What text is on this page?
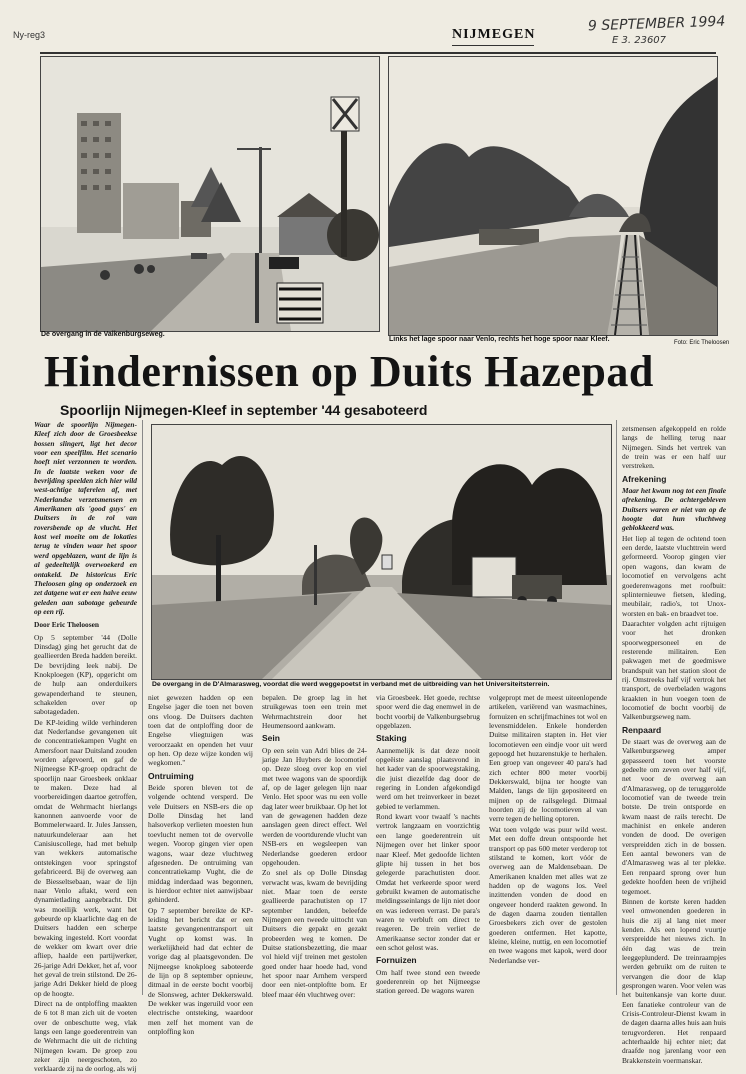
Ny-reg3	NIJMEGEN
9 SEPTEMBER 1994
E 3. 23607
De overgang in de Valkenburgseweg.
Links het lage spoor naar Venlo, rechts het hoge spoor naar Kleef.	Foto: Eric Theloosen
Hindernissen op Duits Hazepad
Spoorlijn Nijmegen-Kleef in september '44 gesaboteerd
De overgang in de D'Almarasweg, voordat die werd weggepoetst in verband met de uitbreiding van het Universiteitsterrein.

Waar de spoorlijn Nijmegen-Kleef zich door de Groesbeekse bossen slingert, ligt het decor voor een speelfilm. Het scenario hoeft niet verzonnen te worden. In de laatste weken voor de bevrijding speelden zich hier wild west-achtige taferelen af, met Nederlandse verzetsmensen en Amerikanen als 'good guys' en Duitsers in de rol van roversbende op de vlucht. Het kost wel moeite om de lokaties terug te vinden waar het spoor werd opgeblazen, want de lijn is al gedeeltelijk overwoekerd en ontakeld. De historicus Eric Theloosen ging op onderzoek en zet datgene wat er een halve eeuw geleden aan sabotage gebeurde op een rij.

Door Eric Theloosen

Op 5 september '44 (Dolle Dinsdag) ging het gerucht dat de geallieerden Breda hadden bereikt. De bevrijding leek nabij. De Knokploegen (KP), opgericht om de hulp aan onderduikers gewapenderhand te steunen, schakelden over op sabotagedaden.

De KP-leiding wilde verhinderen dat Nederlandse gevangenen uit de concentratiekampen Vught en Amersfoort naar Duitsland zouden worden afgevoerd, en gaf de Nijmeegse KP-groep opdracht de spoorlijn naar Groesbeek onklaar te maken. Deze had al voorbereidingen daartoe getroffen, omdat de Wehrmacht hierlangs kanonnen aanvoerde voor de Bommelerwaard. Ir. Jules Janssen, natuurkundeleraar aan het Canisiuscollege, had met behulp van wekkers automatische ontstekingen voor springstof gefabriceerd. Bij de overweg aan de Biesseltsebaan, waar de lijn naar Venlo aftakt, werd een dynamietlading aangebracht. Dit was moeilijk werk, want het gebeurde op klaarlichte dag en de Duitsers hadden een scherpe bewaking ingesteld. Kort voordat de wekker om kwart over drie afliep, haalde een partijwerker, 26-jarige Adri Dekker, het af, voor het geval de trein stilstond. De 26-jarige Adri Dekker hield de ploeg op de hoogte.

Direct na de ontploffing maakten de 6 tot 8 man zich uit de voeten over de onbeschutte weg, vlak langs een lange goederentrein van de Wehrmacht die uit de richting Nijmegen kwam. De groep zou zeker zijn neergeschoten, zo verklaarde zij na de oorlog, als wij

niet gewezen hadden op een Engelse jager die toen net boven ons vloog. De Duitsers dachten toen dat de ontploffing door de Engelse vliegtuigen was veroorzaakt en openden het vuur op hen. Op deze wijze konden wij wegkomen."

Ontruiming

Beide sporen bleven tot de volgende ochtend versperd. De vele Duitsers en NSB-ers die op Dolle Dinsdag het land halsoverkop verlieten moesten hun toevlucht nemen tot de overvolle wegen. Voorop gingen vier open wagons, waar deze vluchtweg afgesneden. De ontruiming van concentratiekamp Vught, die de middag inderdaad was begonnen, is hierdoor echter niet aanwijsbaar gehinderd.

Op 7 september bereikte de KP-leiding het bericht dat er een laatste gevangenentransport uit Vught op komst was. In werkelijkheid had dat echter de vorige dag al plaatsgevonden. De Nijmeegse knokploeg saboteerde de lijn op 8 september opnieuw, ditmaal in de eerste bocht voorbij de Slonsweg, achter Dekkerswald. De wekker was ingeruild voor een electrische ontsteking, waardoor men zelf het moment van de ontploffing kon

bepalen. De groep lag in het struikgewas toen een trein met Wehrmachtstrein door het Heumensoord aankwam.

Sein

Op een sein van Adri blies de 24-jarige Jan Huybers de locomotief op. Deze sloeg over kop en viel met twee wagons van de spoordijk af, op de lager gelegen lijn naar Venlo. Het spoor was nu een volle dag later weer bruikbaar. Op het lot van de gewagenen hadden deze aanslagen geen direct effect. Wel werden de voortdurende vlucht van NSB-ers en wegsleepen van Nederlandse goederen erdoor opgehouden.

Zo snel als op Dolle Dinsdag verwacht was, kwam de bevrijding niet. Maar toen de eerste geallieerde parachutisten op 17 september landden, beleefde Nijmegen een tweede uittocht van Duitsers die gepakt en gezakt probeerden weg te komen. De Duitse stationsbezetting, die maar vol hield vijf treinen met gestolen goed onder haar hoede had, vond het spoor naar Arnhem versperd door een niet-ontploftte bom. Er bleef maar één vluchtweg over:

via Groesbeek. Het goede, rechtse spoor werd die dag enemwel in de bocht voorbij de Valkenburgsebrug opgeblazen.

Staking

Aannemelijk is dat deze nooit opgeëiste aanslag plaatsvond in het kader van de spoorwegstaking, die juist diezelfde dag door de regering in Londen afgekondigd werd om het treinverkeer in bezet gebied te verlammen.

Rond kwart voor twaalf 's nachts vertrok langzaam en voorzichtig een lange goederentrein uit Nijmegen over het linker spoor naar Kleef. Met gedoofde lichten glipte hij tussen in het bos gelegerde parachutisten door. Omdat het verkeerde spoor werd gebruikt kwamen de automatische meldingsseinlangs de lijn niet door en was iedereen verrast. De para's waren te verbluft om direct te reageren. De trein verliet de Amerikaanse sector zonder dat er een schot gelost was.

Fornuizen

Om half twee stond een tweede goederenrein op het Nijmeegse station gereed. De wagons waren

volgepropt met de meest uiteenlopende artikelen, variërend van wasmachines, fornuizen en schrijfmachines tot wol en levensmiddelen. Enkele honderden Duitse militairen stapten in. Het vier locomotieven een eindje voor uit werd gepoogd het huzarenstukje te herhalen. Een groep van ongeveer 40 para's had zich echter 800 meter voorbij Dekkerswald, bijna ter hoogte van Malden, langs de lijn gepositeerd en mijnen op de railsgelegd. Ditmaal hoorden zij de locomotieven al van verre tegen de helling optoren.

Wat toen volgde was puur wild west. Met een doffe dreun ontspoorde het transport op pas 600 meter verderop tot stilstand te komen, kort vóór de overweg aan de Maldensebaan. De Amerikanen knalden met alles wat ze hadden op de wagons los. Veel inzittenden vonden de dood en ongeveer honderd raakten gewond. In de dagen daarna zouden tientallen Groesbekers zich over de gestolen goederen ontfermen. Het kapotte, kleine, kleine, nuttig, en een locomotief en twee wagons met kapok, werd door Nederlandse ver-

zetsmensen afgekoppeld en rolde langs de helling terug naar Nijmegen. Sinds het vertrek van de trein was er een half uur verstreken.

Afrekening

Maar het kwam nog tot een finale afrekening. De achtergebleven Duitsers waren er niet van op de hoogte dat hun vluchtweg geblokkeerd was.

Het liep al tegen de ochtend toen een derde, laatste vluchttrein werd geformeerd. Voorop gingen vier open wagons, dan kwam de locomotief en vervolgens acht goederenwagons met roofbuit: splinternieuwe fietsen, kleding, meubilair, radio's, tot Unox-worsten en bak- en braadvet toe.

Daarachter volgden acht rijtuigen voor het dronken spoorwegpersoneel en de resterende militairen. Een pakwagen met de goedmiswe brandspuit van het station sloot de rij. Omstreeks half vijf vertrok het transport, de overbeladen wagons kraakten in hun voegen toen de locomotief de bocht voorbij de Valkenburgseweg nam.

Renpaard

De staart was de overweg aan de Valkenburgseweg amper gepasseerd toen het voorste gedeelte om zeven over half vijf, net voor de overweg aan d'Almarasweg, op de teruggerolde locomotief van de tweede trein botste. De trein ontsporde en kwam naast de rails terecht. De machinist en enkele anderen vonden de dood. De overigen verspreidden zich in de bossen. Een aantal bewoners van de d'Almarasweg was al ter plekke. Een renpaard sprong over hun gedekte hoofden heen de vrijheid tegemoet.

Binnen de kortste keren hadden veel omwonenden goederen in huis die zij al lang niet meer kenden. Als een lopend vuurtje verspreidde het nieuws zich. In één dag was de trein leeggeplunderd. De treinraampjes werden gebruikt om de ruiten te vervangen die door de klap gesprongen waren. Voor velen was het buitenkansje van korte duur. Een fanatieke controleur van de Crisis-Controleur-Dienst kwam in de dagen daarna alles huis aan huis terugvorderen. Het renpaard achterhaalde hij echter niet; dat draafde nog jarenlang voor een Brakkenstein voermanskar.
